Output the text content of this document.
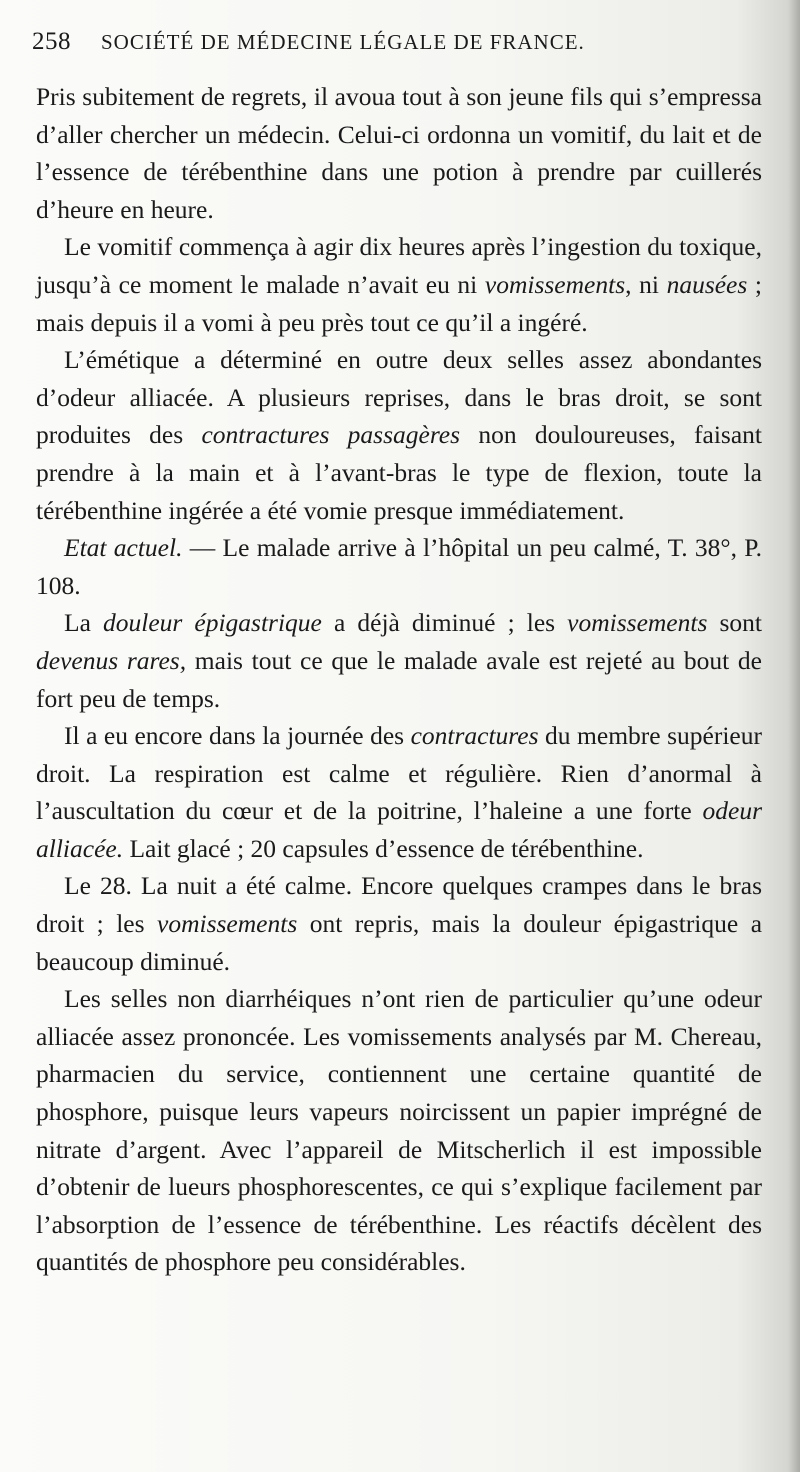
258 SOCIÉTÉ DE MÉDECINE LÉGALE DE FRANCE.

Pris subitement de regrets, il avoua tout à son jeune fils qui s’empressa d’aller chercher un médecin. Celui-ci ordonna un vomitif, du lait et de l’essence de térébenthine dans une potion à prendre par cuillerés d’heure en heure.

Le vomitif commença à agir dix heures après l’ingestion du toxique, jusqu’à ce moment le malade n’avait eu ni vomissements, ni nausées ; mais depuis il a vomi à peu près tout ce qu’il a ingéré.

L’émétique a déterminé en outre deux selles assez abondantes d’odeur alliacée. A plusieurs reprises, dans le bras droit, se sont produites des contractures passagères non douloureuses, faisant prendre à la main et à l’avant-bras le type de flexion, toute la térébenthine ingérée a été vomie presque immédiatement.

Etat actuel. — Le malade arrive à l’hôpital un peu calmé, T. 38°, P. 108.

La douleur épigastrique a déjà diminué ; les vomissements sont devenus rares, mais tout ce que le malade avale est rejeté au bout de fort peu de temps.

Il a eu encore dans la journée des contractures du membre supérieur droit. La respiration est calme et régulière. Rien d’anormal à l’auscultation du cœur et de la poitrine, l’haleine a une forte odeur alliacée. Lait glacé ; 20 capsules d’essence de térébenthine.

Le 28. La nuit a été calme. Encore quelques crampes dans le bras droit ; les vomissements ont repris, mais la douleur épigastrique a beaucoup diminué.

Les selles non diarrhéiques n’ont rien de particulier qu’une odeur alliacée assez prononcée. Les vomissements analysés par M. Chereau, pharmacien du service, contiennent une certaine quantité de phosphore, puisque leurs vapeurs noircissent un papier imprégné de nitrate d’argent. Avec l’appareil de Mitscherlich il est impossible d’obtenir de lueurs phosphorescentes, ce qui s’explique facilement par l’absorption de l’essence de térébenthine. Les réactifs décèlent des quantités de phosphore peu considérables.
